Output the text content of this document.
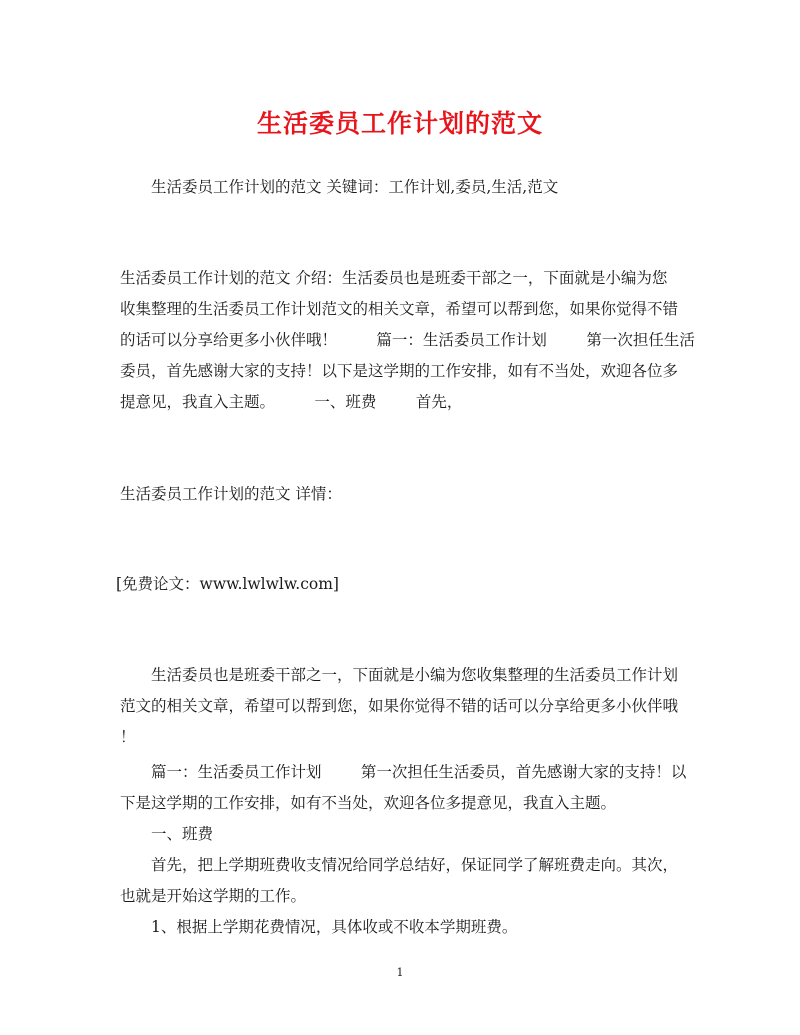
生活委员工作计划的范文
生活委员工作计划的范文 关键词：工作计划,委员,生活,范文
生活委员工作计划的范文 介绍：生活委员也是班委干部之一，下面就是小编为您
收集整理的生活委员工作计划范文的相关文章，希望可以帮到您，如果你觉得不错
的话可以分享给更多小伙伴哦！        篇一：生活委员工作计划        第一次担任生活
委员，首先感谢大家的支持！以下是这学期的工作安排，如有不当处，欢迎各位多
提意见，我直入主题。        一、班费        首先，
生活委员工作计划的范文 详情：
[免费论文：www.lwlwlw.com]
生活委员也是班委干部之一，下面就是小编为您收集整理的生活委员工作计划
范文的相关文章，希望可以帮到您，如果你觉得不错的话可以分享给更多小伙伴哦
！
篇一：生活委员工作计划        第一次担任生活委员，首先感谢大家的支持！以
下是这学期的工作安排，如有不当处，欢迎各位多提意见，我直入主题。
一、班费
首先，把上学期班费收支情况给同学总结好，保证同学了解班费走向。其次，
也就是开始这学期的工作。
1、根据上学期花费情况，具体收或不收本学期班费。
1
